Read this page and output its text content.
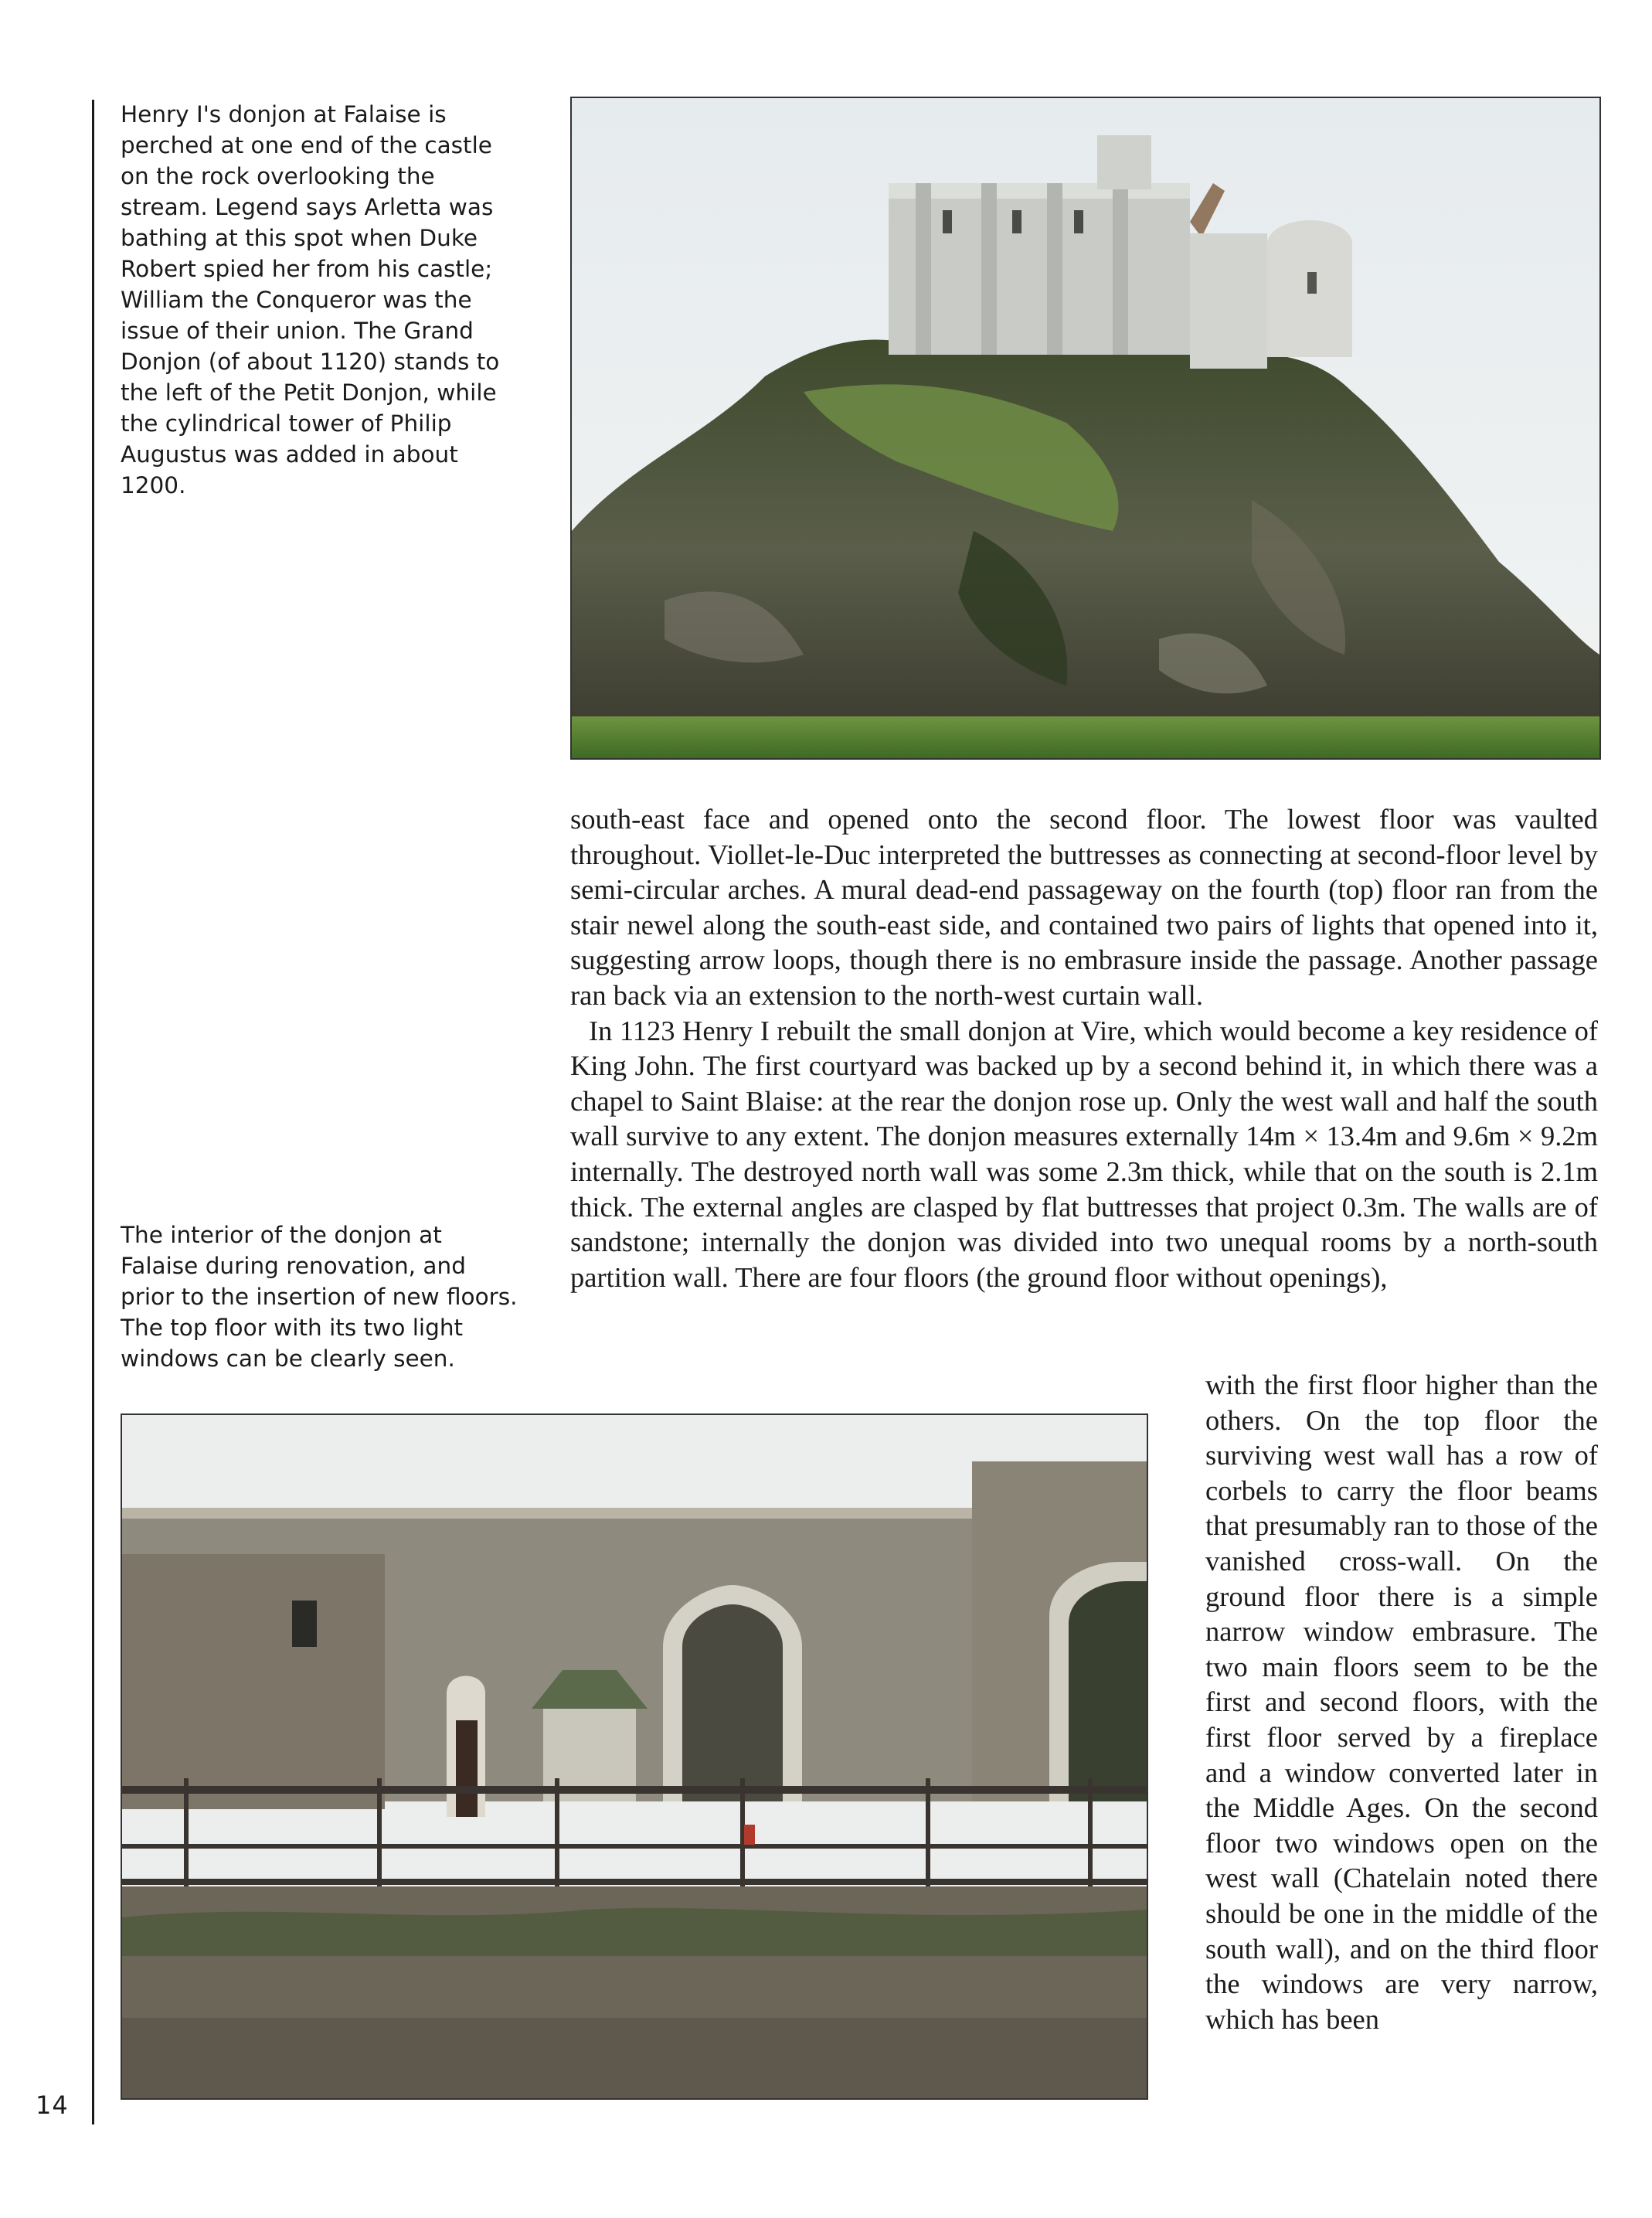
14

Henry I's donjon at Falaise is perched at one end of the castle on the rock overlooking the stream. Legend says Arletta was bathing at this spot when Duke Robert spied her from his castle; William the Conqueror was the issue of their union. The Grand Donjon (of about 1120) stands to the left of the Petit Donjon, while the cylindrical tower of Philip Augustus was added in about 1200.

The interior of the donjon at Falaise during renovation, and prior to the insertion of new floors. The top floor with its two light windows can be clearly seen.

south-east face and opened onto the second floor. The lowest floor was vaulted throughout. Viollet-le-Duc interpreted the buttresses as connecting at second-floor level by semi-circular arches. A mural dead-end passageway on the fourth (top) floor ran from the stair newel along the south-east side, and contained two pairs of lights that opened into it, suggesting arrow loops, though there is no embrasure inside the passage. Another passage ran back via an extension to the north-west curtain wall.

In 1123 Henry I rebuilt the small donjon at Vire, which would become a key residence of King John. The first courtyard was backed up by a second behind it, in which there was a chapel to Saint Blaise: at the rear the donjon rose up. Only the west wall and half the south wall survive to any extent. The donjon measures externally 14m × 13.4m and 9.6m × 9.2m internally. The destroyed north wall was some 2.3m thick, while that on the south is 2.1m thick. The external angles are clasped by flat buttresses that project 0.3m. The walls are of sandstone; internally the donjon was divided into two unequal rooms by a north-south partition wall. There are four floors (the ground floor without openings),

with the first floor higher than the others. On the top floor the surviving west wall has a row of corbels to carry the floor beams that presumably ran to those of the vanished cross-wall. On the ground floor there is a simple narrow window embrasure. The two main floors seem to be the first and second floors, with the first floor served by a fireplace and a window converted later in the Middle Ages. On the second floor two windows open on the west wall (Chatelain noted there should be one in the middle of the south wall), and on the third floor the windows are very narrow, which has been
